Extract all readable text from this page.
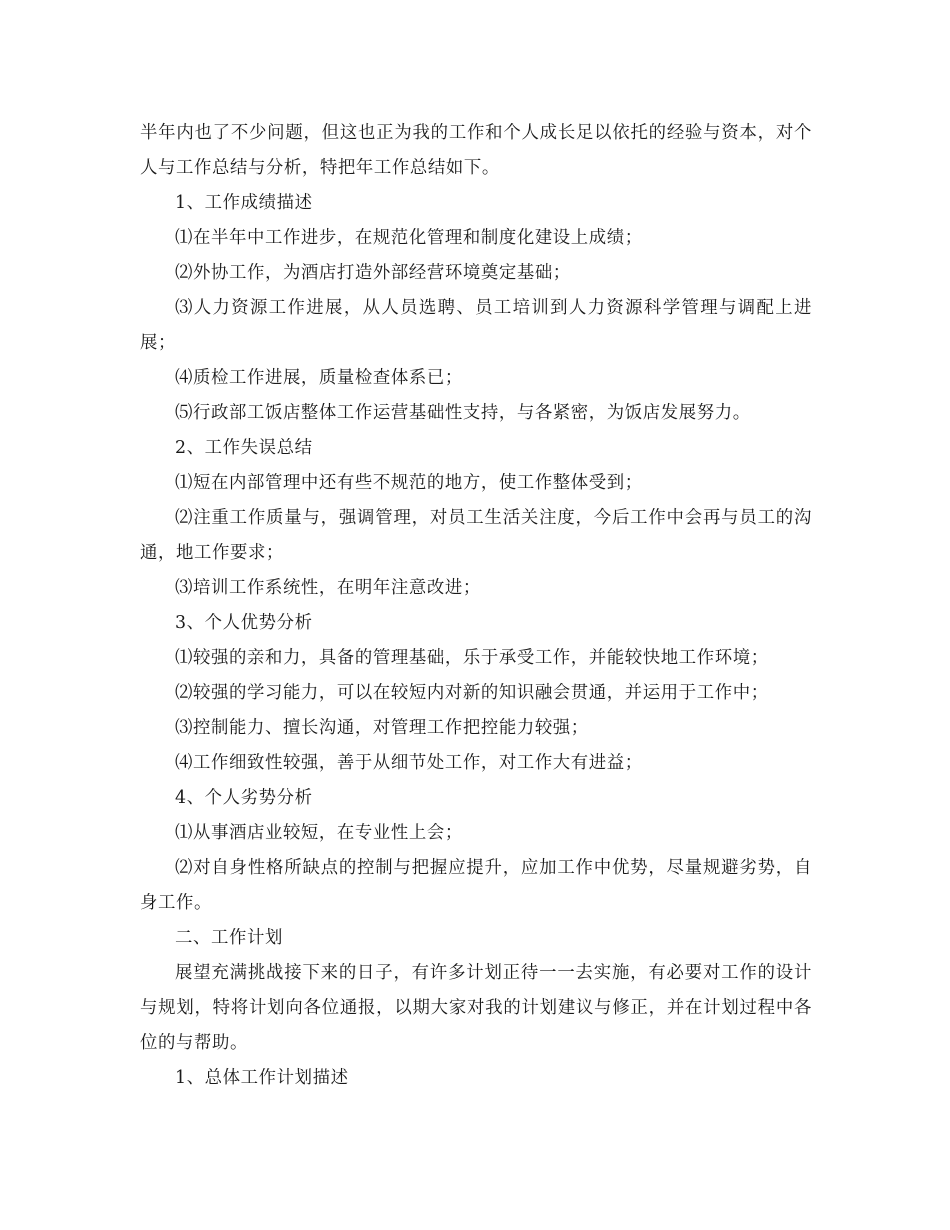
半年内也了不少问题，但这也正为我的工作和个人成长足以依托的经验与资本，对个人与工作总结与分析，特把年工作总结如下。

1、工作成绩描述

⑴在半年中工作进步，在规范化管理和制度化建设上成绩；

⑵外协工作，为酒店打造外部经营环境奠定基础；

⑶人力资源工作进展，从人员选聘、员工培训到人力资源科学管理与调配上进展；

⑷质检工作进展，质量检查体系已；

⑸行政部工饭店整体工作运营基础性支持，与各紧密，为饭店发展努力。

2、工作失误总结

⑴短在内部管理中还有些不规范的地方，使工作整体受到；

⑵注重工作质量与，强调管理，对员工生活关注度，今后工作中会再与员工的沟通，地工作要求；

⑶培训工作系统性，在明年注意改进；

3、个人优势分析

⑴较强的亲和力，具备的管理基础，乐于承受工作，并能较快地工作环境；

⑵较强的学习能力，可以在较短内对新的知识融会贯通，并运用于工作中；

⑶控制能力、擅长沟通，对管理工作把控能力较强；

⑷工作细致性较强，善于从细节处工作，对工作大有进益；

4、个人劣势分析

⑴从事酒店业较短，在专业性上会；

⑵对自身性格所缺点的控制与把握应提升，应加工作中优势，尽量规避劣势，自身工作。

二、工作计划

展望充满挑战接下来的日子，有许多计划正待一一去实施，有必要对工作的设计与规划，特将计划向各位通报，以期大家对我的计划建议与修正，并在计划过程中各位的与帮助。

1、总体工作计划描述
